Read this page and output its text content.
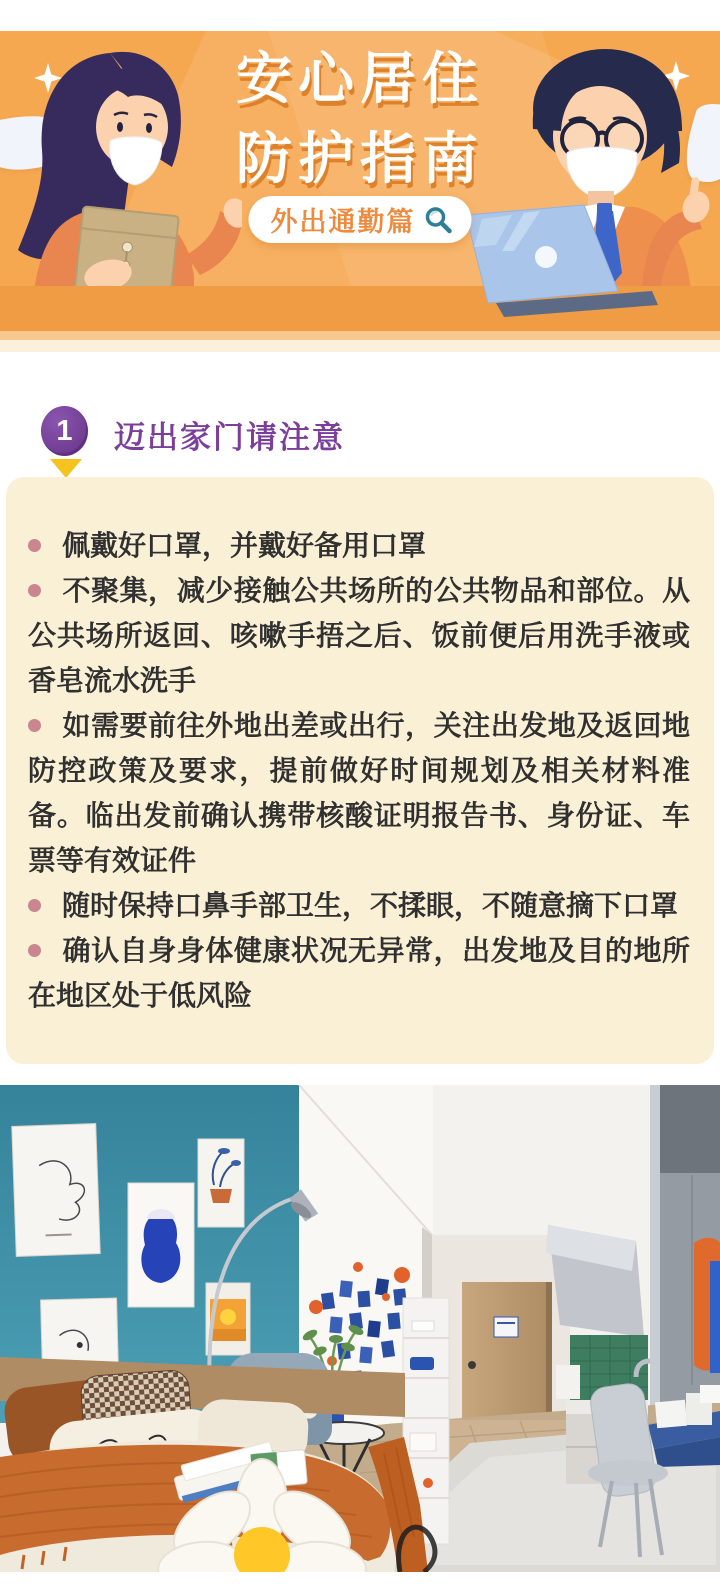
安心居住
防护指南
外出通勤篇
1 迈出家门请注意

佩戴好口罩，并戴好备用口罩

不聚集，减少接触公共场所的公共物品和部位。从公共场所返回、咳嗽手捂之后、饭前便后用洗手液或香皂流水洗手

如需要前往外地出差或出行，关注出发地及返回地防控政策及要求，提前做好时间规划及相关材料准备。临出发前确认携带核酸证明报告书、身份证、车票等有效证件

随时保持口鼻手部卫生，不揉眼，不随意摘下口罩

确认自身身体健康状况无异常，出发地及目的地所在地区处于低风险
